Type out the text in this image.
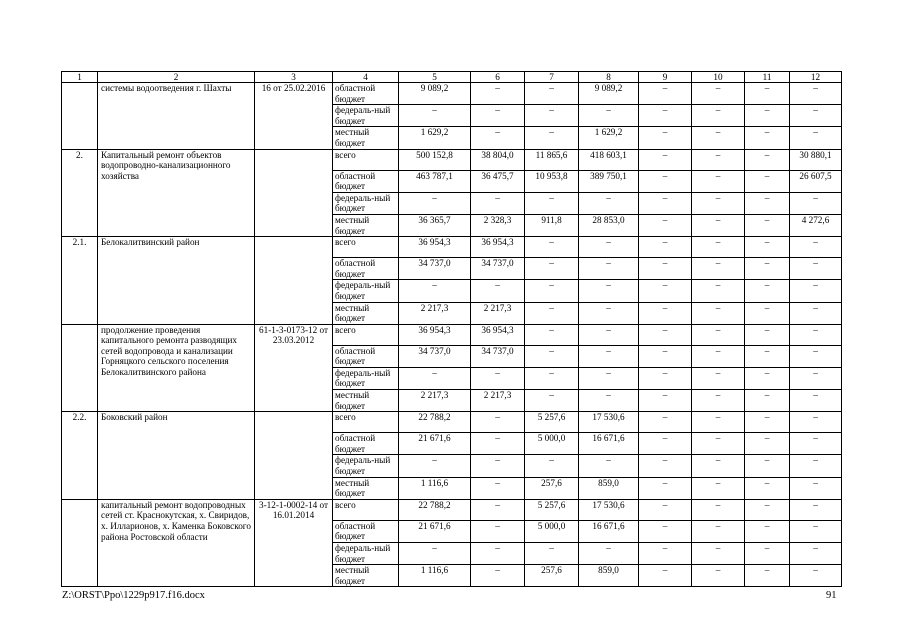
1	2	3	4	5	6	7	8	9	10	11	12
	системы водоотведения г. Шахты	16 от 25.02.2016	областной бюджет	9 089,2	–	–	9 089,2	–	–	–	–
			федераль-ный бюджет	–	–	–	–	–	–	–	–
			местный бюджет	1 629,2	–	–	1 629,2	–	–	–	–
2.	Капитальный ремонт объектов водопроводно-канализационного хозяйства		всего	500 152,8	38 804,0	11 865,6	418 603,1	–	–	–	30 880,1
			областной бюджет	463 787,1	36 475,7	10 953,8	389 750,1	–	–	–	26 607,5
			федераль-ный бюджет	–	–	–	–	–	–	–	–
			местный бюджет	36 365,7	2 328,3	911,8	28 853,0	–	–	–	4 272,6
2.1.	Белокалитвинский район		всего	36 954,3	36 954,3	–	–	–	–	–	–
			областной бюджет	34 737,0	34 737,0	–	–	–	–	–	–
			федераль-ный бюджет	–	–	–	–	–	–	–	–
			местный бюджет	2 217,3	2 217,3	–	–	–	–	–	–
	продолжение проведения капитального ремонта разводящих сетей водопровода и канализации Горняцкого сельского поселения Белокалитвинского района	61-1-3-0173-12 от 23.03.2012	всего	36 954,3	36 954,3	–	–	–	–	–	–
			областной бюджет	34 737,0	34 737,0	–	–	–	–	–	–
			федераль-ный бюджет	–	–	–	–	–	–	–	–
			местный бюджет	2 217,3	2 217,3	–	–	–	–	–	–
2.2.	Боковский район		всего	22 788,2	–	5 257,6	17 530,6	–	–	–	–
			областной бюджет	21 671,6	–	5 000,0	16 671,6	–	–	–	–
			федераль-ный бюджет	–	–	–	–	–	–	–	–
			местный бюджет	1 116,6	–	257,6	859,0	–	–	–	–
	капитальный ремонт водопроводных сетей ст. Краснокутская, х. Свиридов, х. Илларионов, х. Каменка Боковского района Ростовской области	3-12-1-0002-14 от 16.01.2014	всего	22 788,2	–	5 257,6	17 530,6	–	–	–	–
			областной бюджет	21 671,6	–	5 000,0	16 671,6	–	–	–	–
			федераль-ный бюджет	–	–	–	–	–	–	–	–
			местный бюджет	1 116,6	–	257,6	859,0	–	–	–	–
Z:\ORST\Ppo\1229p917.f16.docx	91
